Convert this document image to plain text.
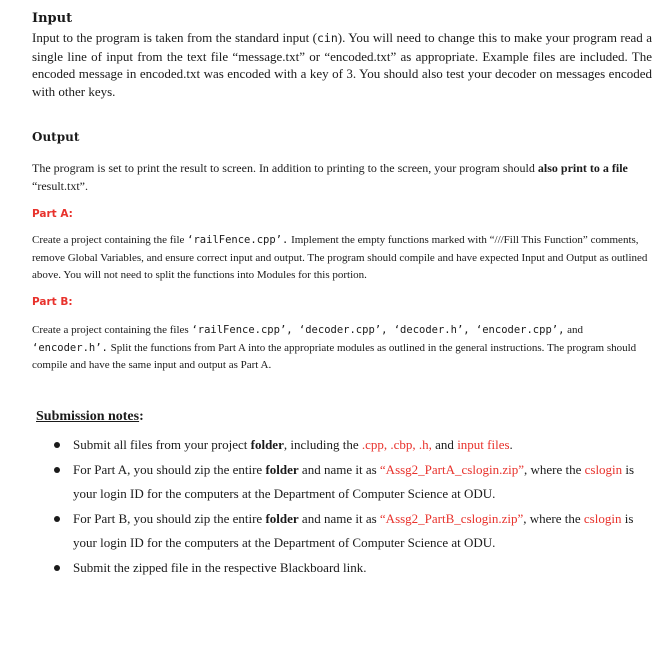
Input
Input to the program is taken from the standard input (cin). You will need to change this to make your program read a single line of input from the text file “message.txt” or “encoded.txt” as appropriate. Example files are included. The encoded message in encoded.txt was encoded with a key of 3. You should also test your decoder on messages encoded with other keys.
Output
The program is set to print the result to screen. In addition to printing to the screen, your program should also print to a file “result.txt”.
Part A:
Create a project containing the file ‘railFence.cpp’. Implement the empty functions marked with “///Fill This Function” comments, remove Global Variables, and ensure correct input and output. The program should compile and have expected Input and Output as outlined above. You will not need to split the functions into Modules for this portion.
Part B:
Create a project containing the files ‘railFence.cpp’, ‘decoder.cpp’, ‘decoder.h’, ‘encoder.cpp’, and ‘encoder.h’. Split the functions from Part A into the appropriate modules as outlined in the general instructions. The program should compile and have the same input and output as Part A.
Submission notes:
Submit all files from your project folder, including the .cpp, .cbp, .h, and input files.
For Part A, you should zip the entire folder and name it as “Assg2_PartA_cslogin.zip”, where the cslogin is your login ID for the computers at the Department of Computer Science at ODU.
For Part B, you should zip the entire folder and name it as “Assg2_PartB_cslogin.zip”, where the cslogin is your login ID for the computers at the Department of Computer Science at ODU.
Submit the zipped file in the respective Blackboard link.
